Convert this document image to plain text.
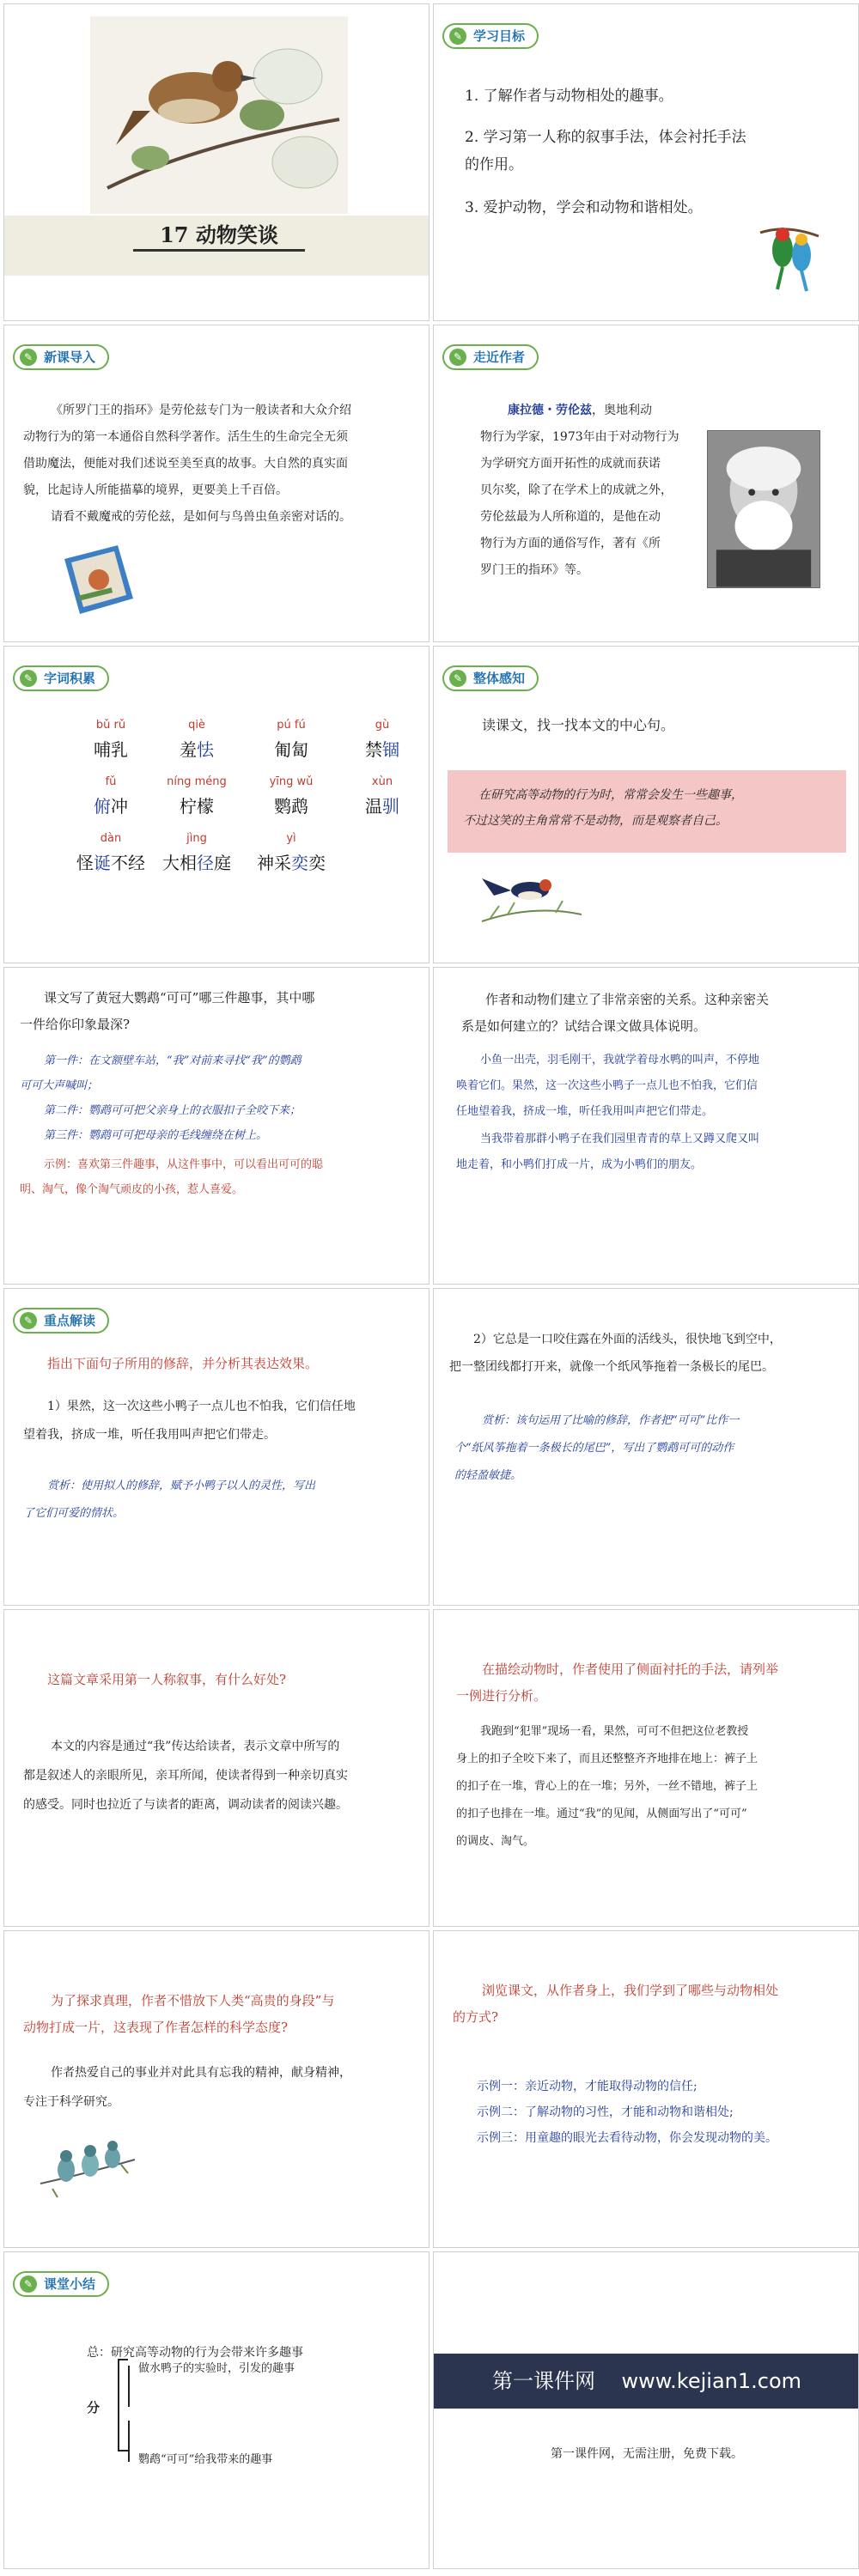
17 动物笑谈
✎ 学习目标
1. 了解作者与动物相处的趣事。
2. 学习第一人称的叙事手法，体会衬托手法
的作用。
3. 爱护动物，学会和动物和谐相处。
✎ 新课导入
《所罗门王的指环》是劳伦兹专门为一般读者和大众介绍
动物行为的第一本通俗自然科学著作。活生生的生命完全无须
借助魔法，便能对我们述说至美至真的故事。大自然的真实面
貌，比起诗人所能描摹的境界，更要美上千百倍。
请看不戴魔戒的劳伦兹，是如何与鸟兽虫鱼亲密对话的。
✎ 走近作者
康拉德・劳伦兹，奥地利动
物行为学家，1973年由于对动物行为
为学研究方面开拓性的成就而获诺
贝尔奖，除了在学术上的成就之外，
劳伦兹最为人所称道的，是他在动
物行为方面的通俗写作，著有《所
罗门王的指环》等。
✎ 字词积累
bǔ rǔ
哺乳
qiè
羞怯
pú fú
匍匐
gù
禁锢
fǔ
俯冲
níng méng
柠檬
yīng wǔ
鹦鹉
xùn
温驯
dàn
怪诞不经
jìng
大相径庭
yì
神采奕奕
✎ 整体感知
读课文，找一找本文的中心句。
在研究高等动物的行为时，常常会发生一些趣事，
不过这笑的主角常常不是动物，而是观察者自己。
课文写了黄冠大鹦鹉“可可”哪三件趣事，其中哪
一件给你印象最深?
第一件：在文额壁车站，“我”对前来寻找“我”的鹦鹉
可可大声喊叫；
第二件：鹦鹉可可把父亲身上的衣服扣子全咬下来；
第三件：鹦鹉可可把母亲的毛线缠绕在树上。
示例：喜欢第三件趣事，从这件事中，可以看出可可的聪
明、淘气，像个淘气顽皮的小孩，惹人喜爱。
作者和动物们建立了非常亲密的关系。这种亲密关
系是如何建立的？试结合课文做具体说明。
小鱼一出壳，羽毛刚干，我就学着母水鸭的叫声，不停地
唤着它们。果然，这一次这些小鸭子一点儿也不怕我，它们信
任地望着我，挤成一堆，听任我用叫声把它们带走。
当我带着那群小鸭子在我们园里青青的草上又蹲又爬又叫
地走着，和小鸭们打成一片，成为小鸭们的朋友。
✎ 重点解读
指出下面句子所用的修辞，并分析其表达效果。
1）果然，这一次这些小鸭子一点儿也不怕我，它们信任地
望着我，挤成一堆，听任我用叫声把它们带走。
赏析：使用拟人的修辞，赋予小鸭子以人的灵性，写出
了它们可爱的情状。
2）它总是一口咬住露在外面的活线头，很快地飞到空中，
把一整团线都打开来，就像一个纸风筝拖着一条极长的尾巴。
赏析：该句运用了比喻的修辞，作者把“可可”比作一
个“纸风筝拖着一条极长的尾巴”，写出了鹦鹉可可的动作
的轻盈敏捷。
这篇文章采用第一人称叙事，有什么好处?
本文的内容是通过“我”传达给读者，表示文章中所写的
都是叙述人的亲眼所见，亲耳所闻，使读者得到一种亲切真实
的感受。同时也拉近了与读者的距离，调动读者的阅读兴趣。
在描绘动物时，作者使用了侧面衬托的手法，请列举
一例进行分析。
我跑到“犯罪”现场一看，果然，可可不但把这位老教授
身上的扣子全咬下来了，而且还整整齐齐地排在地上：裤子上
的扣子在一堆，背心上的在一堆；另外，一丝不错地，裤子上
的扣子也排在一堆。通过“我”的见闻，从侧面写出了“可可”
的调皮、淘气。
为了探求真理，作者不惜放下人类“高贵的身段”与
动物打成一片，这表现了作者怎样的科学态度?
作者热爱自己的事业并对此具有忘我的精神，献身精神，
专注于科学研究。
浏览课文，从作者身上，我们学到了哪些与动物相处
的方式?
示例一：亲近动物，才能取得动物的信任;
示例二：了解动物的习性，才能和动物和谐相处;
示例三：用童趣的眼光去看待动物，你会发现动物的美。
✎ 课堂小结
总：研究高等动物的行为会带来许多趣事
分
做水鸭子的实验时，引发的趣事
鹦鹉“可可”给我带来的趣事
第一课件网 www.kejian1.com
第一课件网，无需注册，免费下载。
